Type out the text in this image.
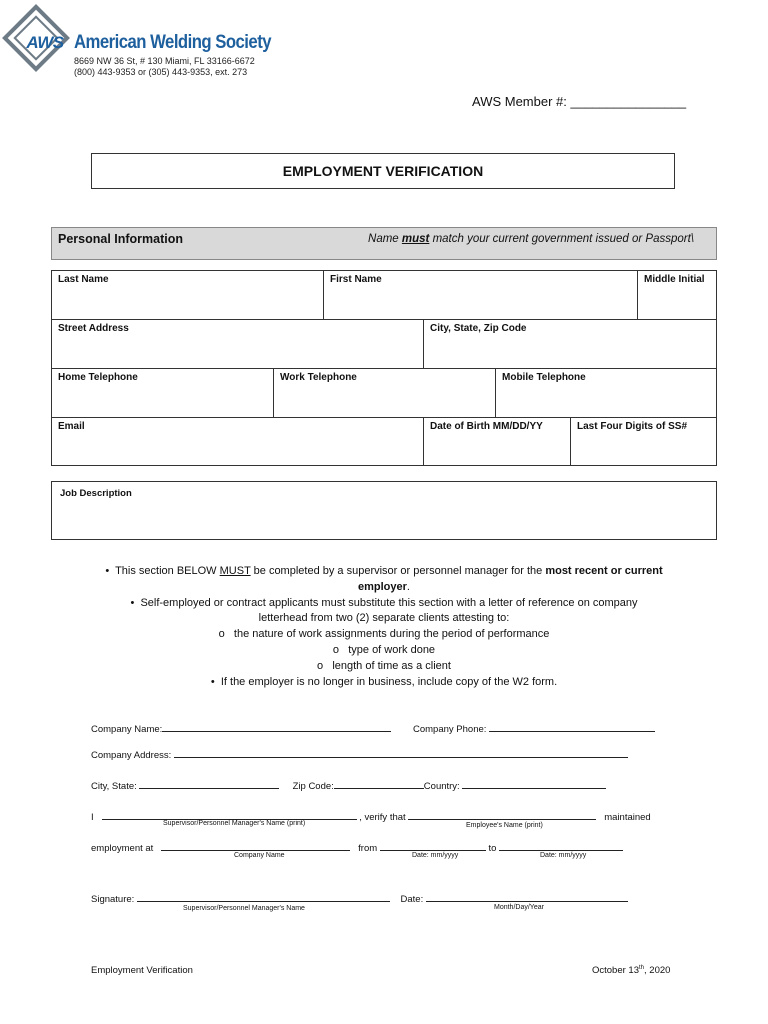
AWS American Welding Society
8669 NW 36 St, # 130 Miami, FL 33166-6672
(800) 443-9353 or (305) 443-9353, ext. 273
AWS Member #: ________________
EMPLOYMENT VERIFICATION
Personal Information	Name must match your current government issued or Passport\
Last Name	First Name	Middle Initial
Street Address	City, State, Zip Code
Home Telephone	Work Telephone	Mobile Telephone
Email	Date of Birth MM/DD/YY	Last Four Digits of SS#
Job Description
•  This section BELOW MUST be completed by a supervisor or personnel manager for the most recent or current employer.
•  Self-employed or contract applicants must substitute this section with a letter of reference on company
letterhead from two (2) separate clients attesting to:
o   the nature of work assignments during the period of performance
o   type of work done
o   length of time as a client
•  If the employer is no longer in business, include copy of the W2 form.
Company Name:	Company Phone:
Company Address:
City, State:	Zip Code:	Country:
I	, verify that	maintained
Supervisor/Personnel Manager's Name (print)	Employee's Name (print)
employment at	from	to
Company Name	Date: mm/yyyy	Date: mm/yyyy
Signature:	Date:
Supervisor/Personnel Manager's Name	Month/Day/Year
Employment Verification	October 13th, 2020
